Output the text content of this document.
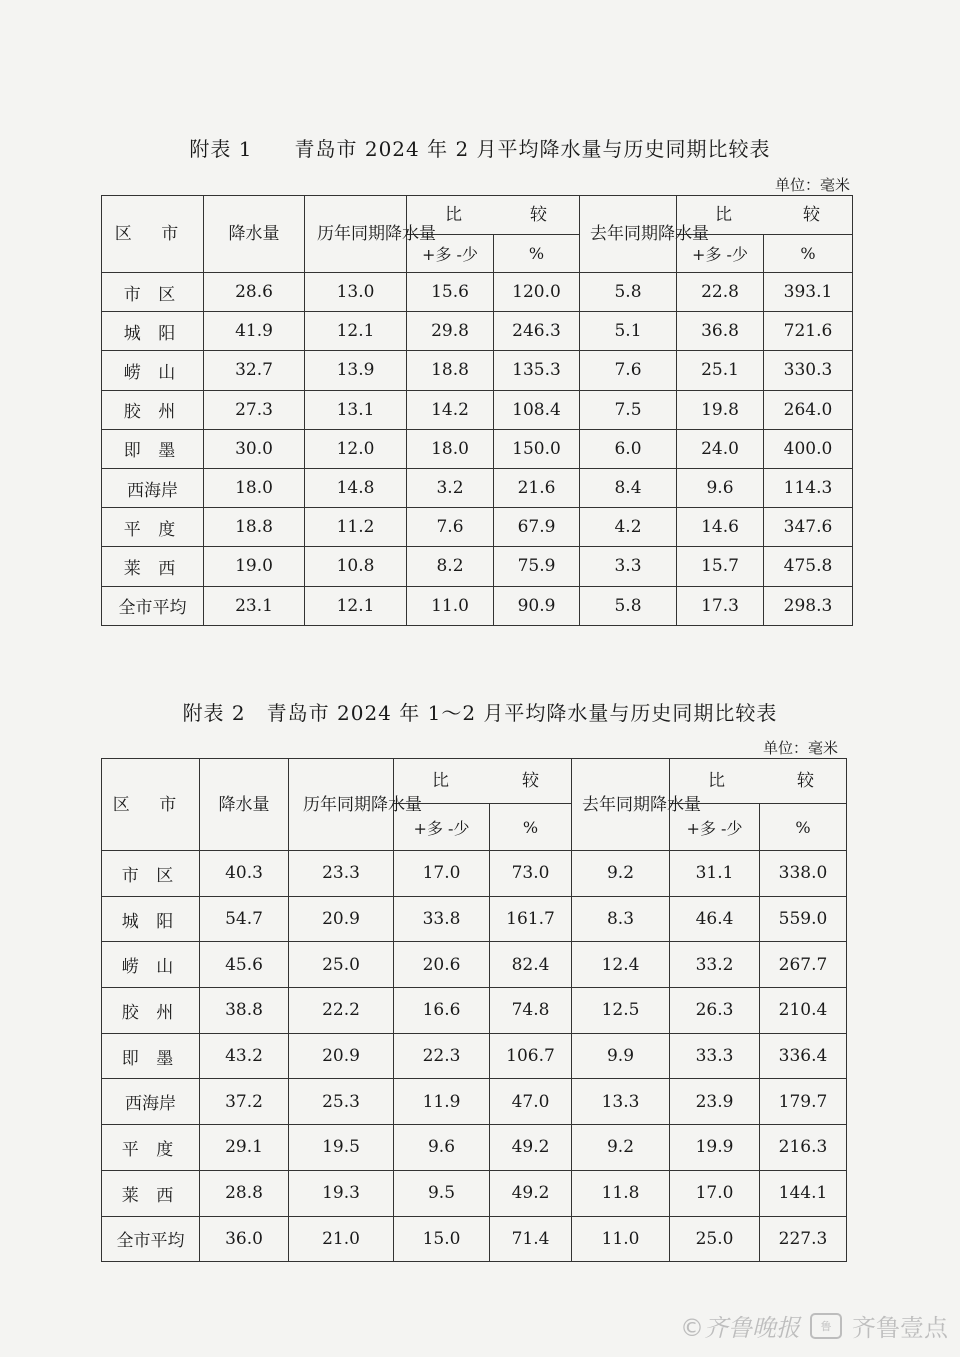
附表 1　　青岛市 2024 年 2 月平均降水量与历史同期比较表
单位：毫米
区 市	降水量	历年同期降水量	比 较		去年同期降水量	比 较	

			+多 -少	%		+多 -少	%
市 区	28.6	13.0	15.6	120.0	5.8	22.8	393.1
城 阳	41.9	12.1	29.8	246.3	5.1	36.8	721.6
崂 山	32.7	13.9	18.8	135.3	7.6	25.1	330.3
胶 州	27.3	13.1	14.2	108.4	7.5	19.8	264.0
即 墨	30.0	12.0	18.0	150.0	6.0	24.0	400.0
西海岸	18.0	14.8	3.2	21.6	8.4	9.6	114.3
平 度	18.8	11.2	7.6	67.9	4.2	14.6	347.6
莱 西	19.0	10.8	8.2	75.9	3.3	15.7	475.8
全市平均	23.1	12.1	11.0	90.9	5.8	17.3	298.3
附表 2　青岛市 2024 年 1～2 月平均降水量与历史同期比较表
单位：毫米
区 市	降水量	历年同期降水量	比 较		去年同期降水量	比 较	

			+多 -少	%		+多 -少	%
市 区	40.3	23.3	17.0	73.0	9.2	31.1	338.0
城 阳	54.7	20.9	33.8	161.7	8.3	46.4	559.0
崂 山	45.6	25.0	20.6	82.4	12.4	33.2	267.7
胶 州	38.8	22.2	16.6	74.8	12.5	26.3	210.4
即 墨	43.2	20.9	22.3	106.7	9.9	33.3	336.4
西海岸	37.2	25.3	11.9	47.0	13.3	23.9	179.7
平 度	29.1	19.5	9.6	49.2	9.2	19.9	216.3
莱 西	28.8	19.3	9.5	49.2	11.8	17.0	144.1
全市平均	36.0	21.0	15.0	71.4	11.0	25.0	227.3
©齐鲁晚报	鲁 齐鲁壹点
